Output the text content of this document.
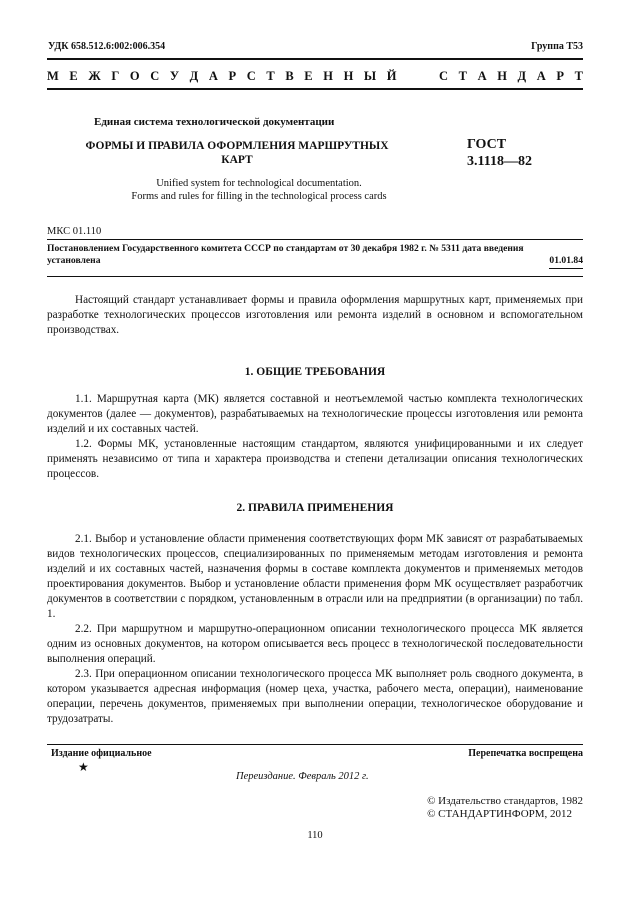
УДК 658.512.6:002:006.354	Группа Т53
М Е Ж Г О С У Д А Р С Т В Е Н Н Ы Й    С Т А Н Д А Р Т
Единая система технологической документации
ФОРМЫ И ПРАВИЛА ОФОРМЛЕНИЯ МАРШРУТНЫХ
КАРТ
ГОСТ
3.1118—82
Unified system for technological documentation.
Forms and rules for filling in the technological process cards
МКС 01.110
Постановлением Государственного комитета СССР по стандартам от 30 декабря 1982 г. № 5311 дата введения
установлена	01.01.84

Настоящий стандарт устанавливает формы и правила оформления маршрутных карт, применяемых при разработке технологических процессов изготовления или ремонта изделий в основном и вспомогательном производствах.

1. ОБЩИЕ ТРЕБОВАНИЯ

1.1. Маршрутная карта (МК) является составной и неотъемлемой частью комплекта технологических документов (далее — документов), разрабатываемых на технологические процессы изготовления или ремонта изделий и их составных частей.

1.2. Формы МК, установленные настоящим стандартом, являются унифицированными и их следует применять независимо от типа и характера производства и степени детализации описания технологических процессов.

2. ПРАВИЛА ПРИМЕНЕНИЯ

2.1. Выбор и установление области применения соответствующих форм МК зависят от разрабатываемых видов технологических процессов, специализированных по применяемым методам изготовления и ремонта изделий и их составных частей, назначения формы в составе комплекта документов и применяемых методов проектирования документов. Выбор и установление области применения форм МК осуществляет разработчик документов в соответствии с порядком, установленным в отрасли или на предприятии (в организации) по табл. 1.

2.2. При маршрутном и маршрутно-операционном описании технологического процесса МК является одним из основных документов, на котором описывается весь процесс в технологической последовательности выполнения операций.

2.3. При операционном описании технологического процесса МК выполняет роль сводного документа, в котором указывается адресная информация (номер цеха, участка, рабочего места, операции), наименование операции, перечень документов, применяемых при выполнении операции, технологическое оборудование и трудозатраты.

Издание официальное	Перепечатка воспрещена
★
Переиздание. Февраль 2012 г.
© Издательство стандартов, 1982
© СТАНДАРТИНФОРМ, 2012
110
